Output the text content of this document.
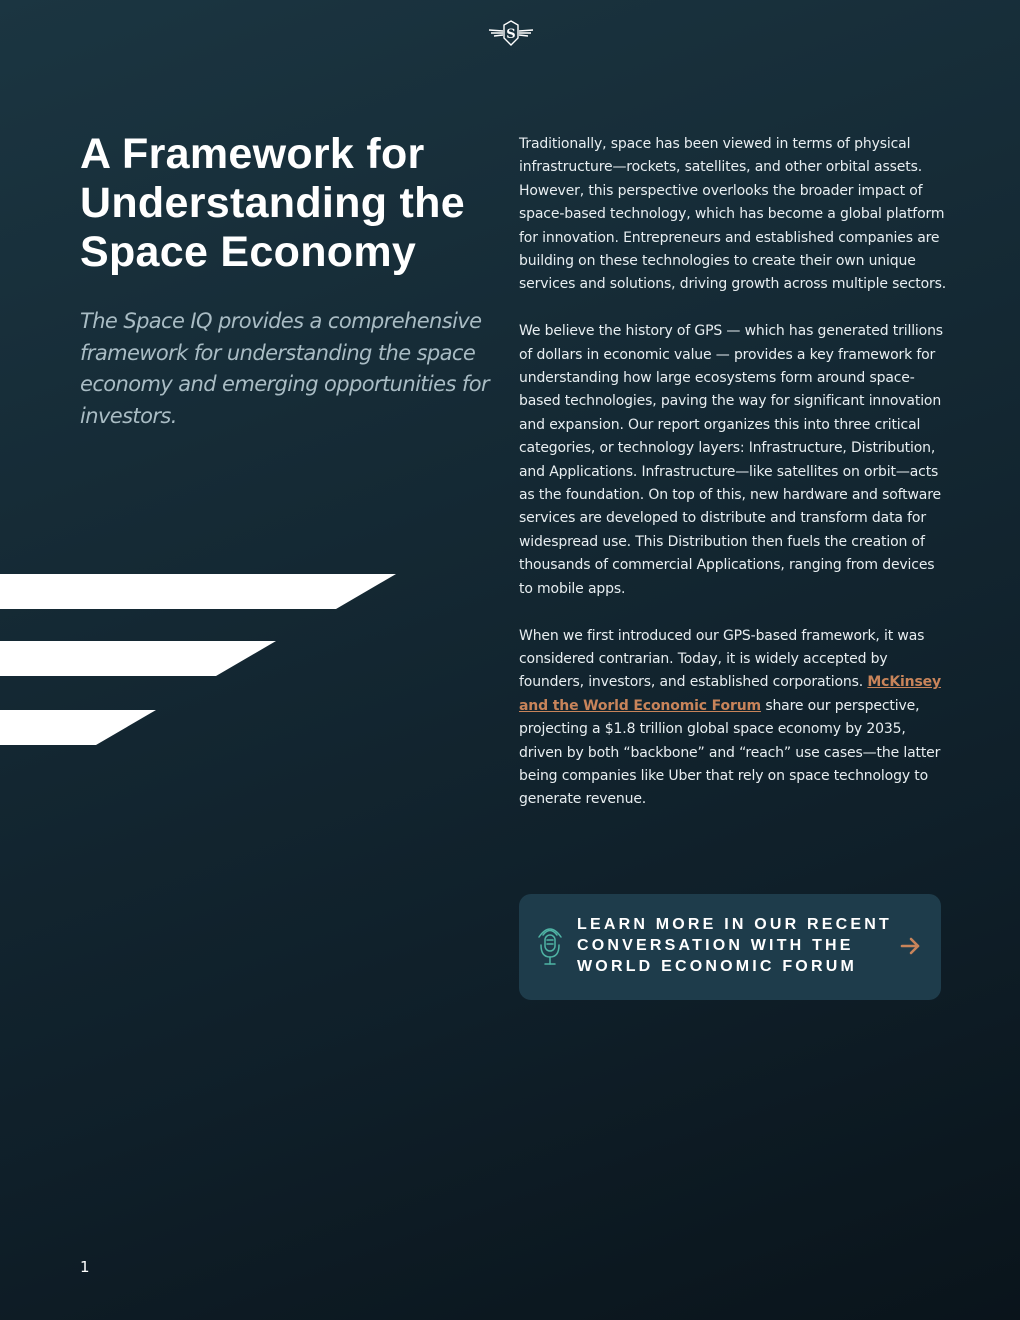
S
A Framework for Understanding the Space Economy

The Space IQ provides a comprehensive framework for understanding the space economy and emerging opportunities for investors.

Traditionally, space has been viewed in terms of physical infrastructure—rockets, satellites, and other orbital assets. However, this perspective overlooks the broader impact of space-based technology, which has become a global platform for innovation. Entrepreneurs and established companies are building on these technologies to create their own unique services and solutions, driving growth across multiple sectors.

We believe the history of GPS — which has generated trillions of dollars in economic value — provides a key framework for understanding how large ecosystems form around space-based technologies, paving the way for significant innovation and expansion. Our report organizes this into three critical categories, or technology layers: Infrastructure, Distribution, and Applications. Infrastructure—like satellites on orbit—acts as the foundation. On top of this, new hardware and software services are developed to distribute and transform data for widespread use. This Distribution then fuels the creation of thousands of commercial Applications, ranging from devices to mobile apps.

When we first introduced our GPS-based framework, it was considered contrarian. Today, it is widely accepted by founders, investors, and established corporations. McKinsey and the World Economic Forum share our perspective, projecting a $1.8 trillion global space economy by 2035, driven by both “backbone” and “reach” use cases—the latter being companies like Uber that rely on space technology to generate revenue.

LEARN MORE IN OUR RECENT CONVERSATION WITH THE WORLD ECONOMIC FORUM
1
